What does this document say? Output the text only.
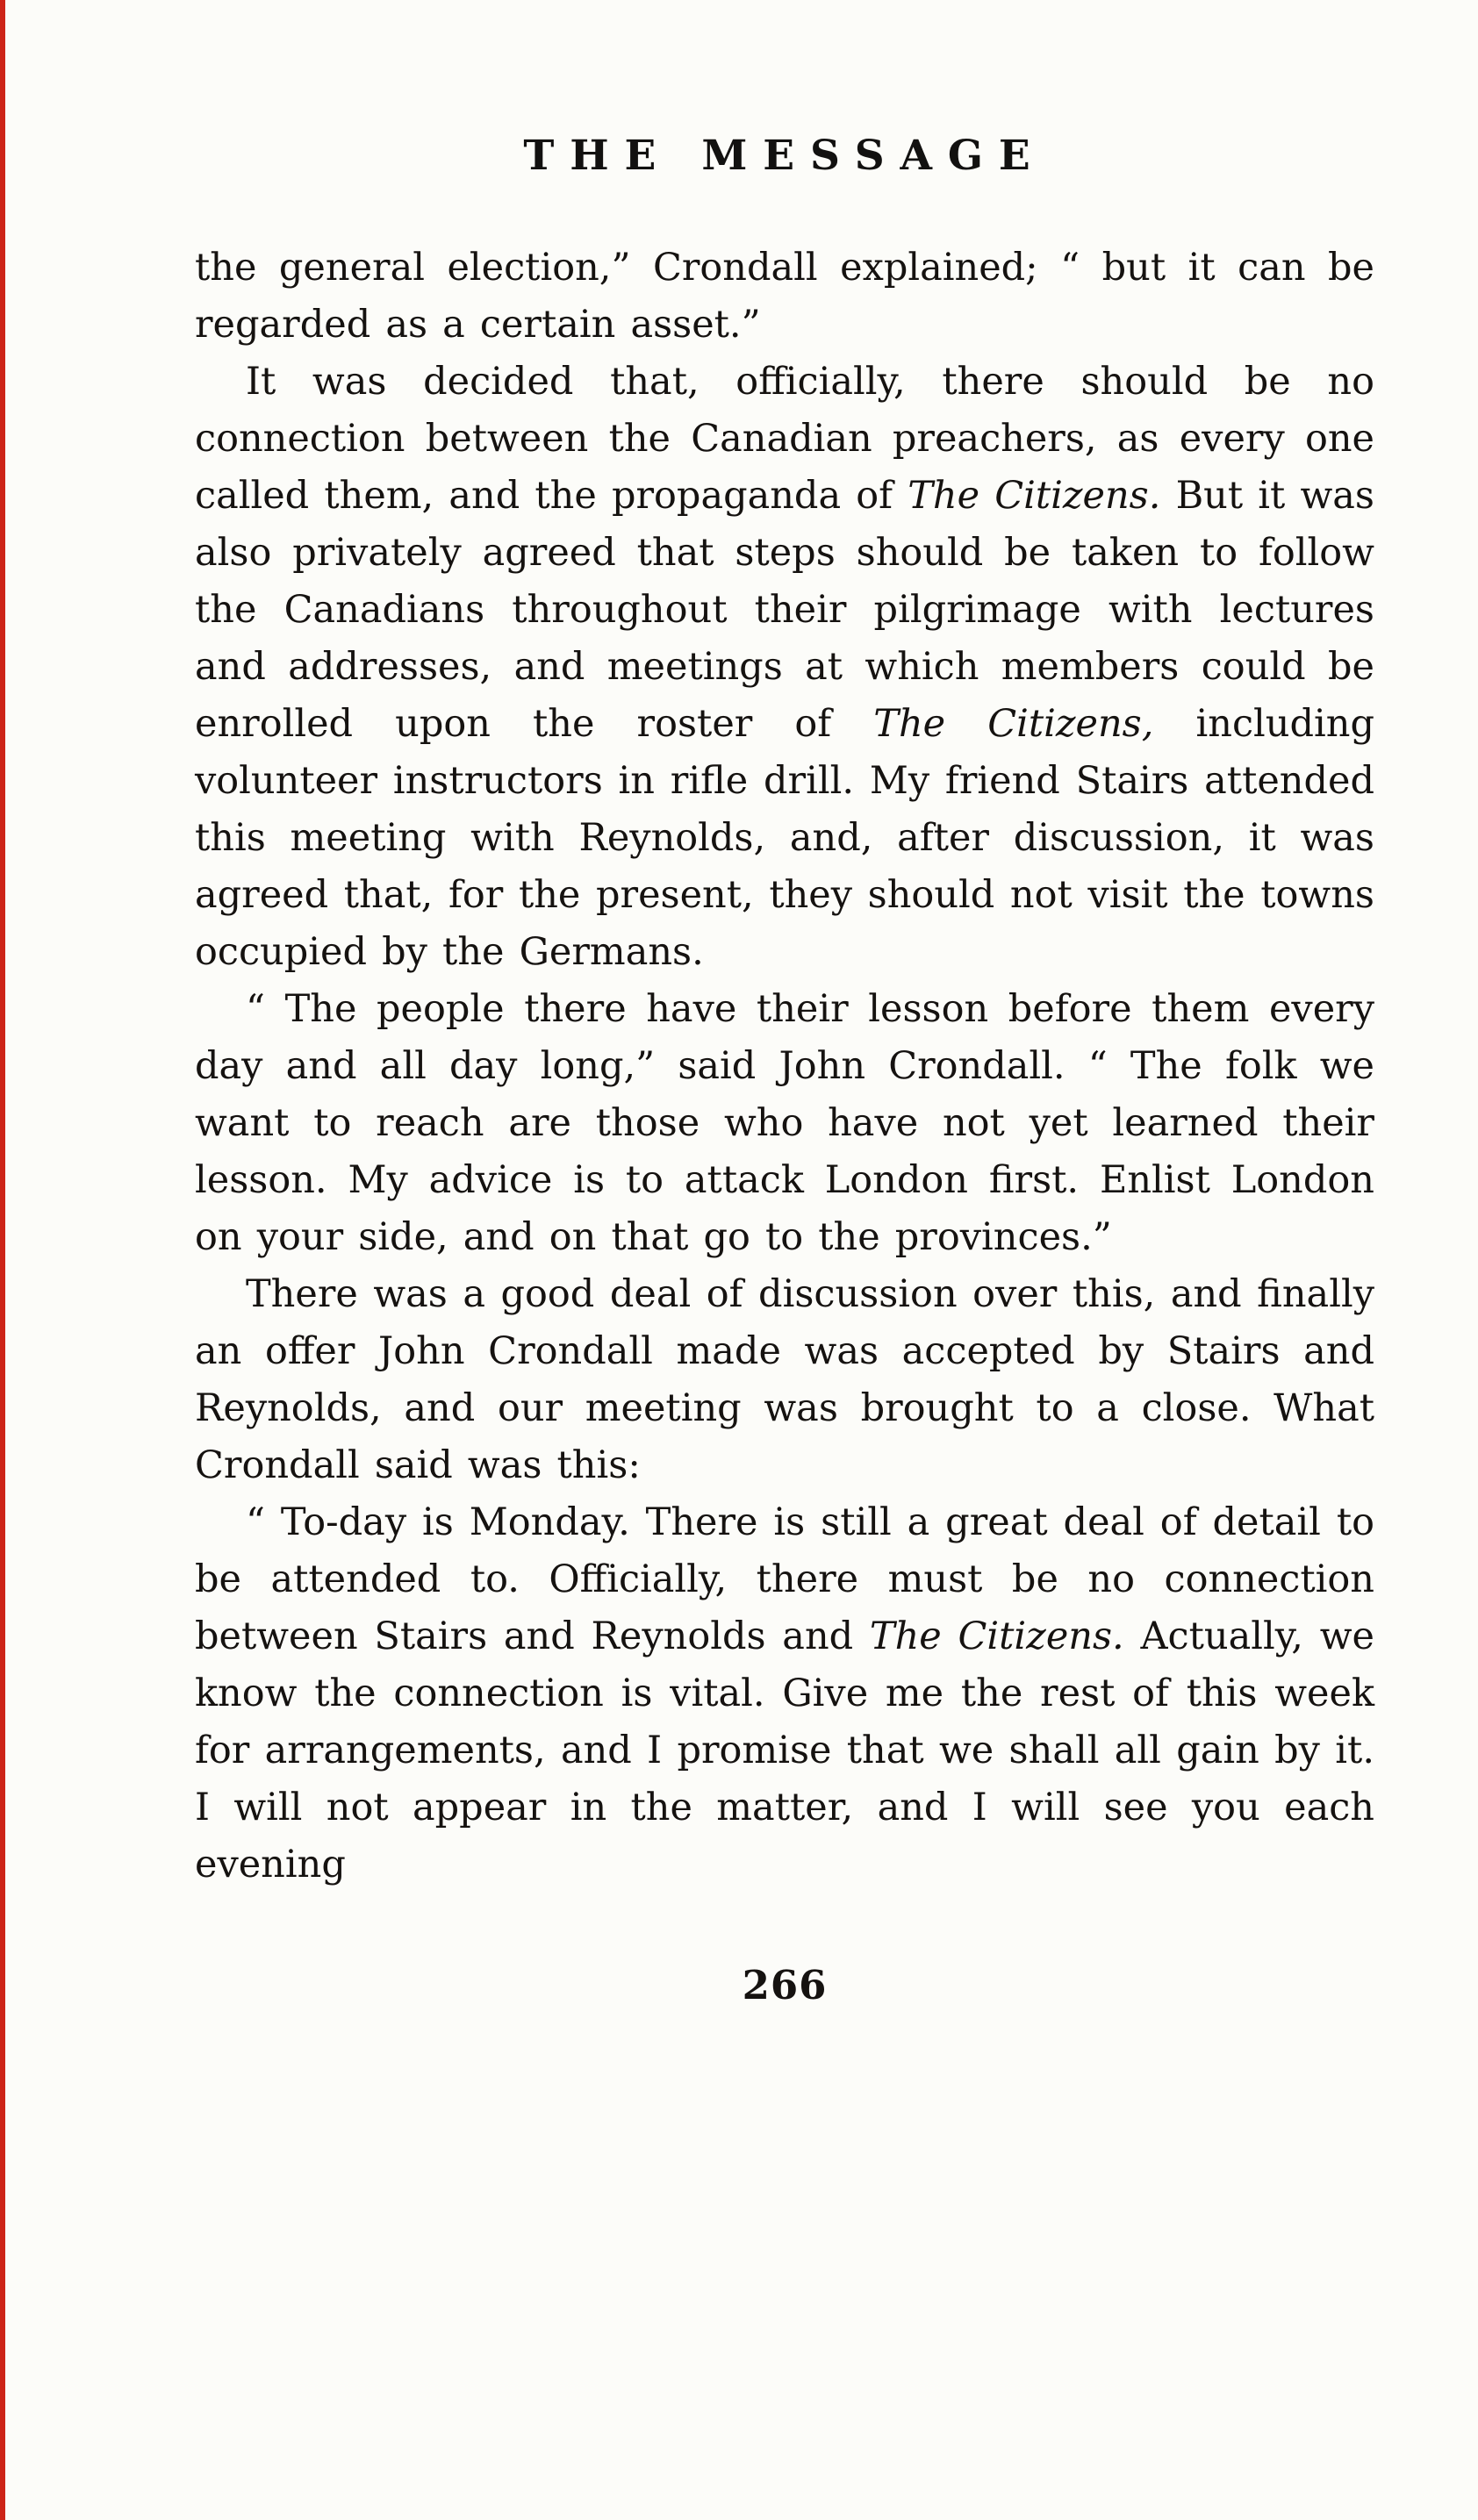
THE MESSAGE

the general election,” Crondall explained; “ but it can be regarded as a certain asset.”

It was decided that, officially, there should be no connection between the Canadian preachers, as every one called them, and the propaganda of The Citizens. But it was also privately agreed that steps should be taken to follow the Canadians throughout their pilgrimage with lectures and addresses, and meetings at which members could be enrolled upon the roster of The Citizens, including volunteer instructors in rifle drill. My friend Stairs attended this meeting with Reynolds, and, after discussion, it was agreed that, for the present, they should not visit the towns occupied by the Germans.

“ The people there have their lesson before them every day and all day long,” said John Crondall. “ The folk we want to reach are those who have not yet learned their lesson. My advice is to attack London first. Enlist London on your side, and on that go to the provinces.”

There was a good deal of discussion over this, and finally an offer John Crondall made was accepted by Stairs and Reynolds, and our meeting was brought to a close. What Crondall said was this:

“ To-day is Monday. There is still a great deal of detail to be attended to. Officially, there must be no connection between Stairs and Reynolds and The Citizens. Actually, we know the connection is vital. Give me the rest of this week for arrangements, and I promise that we shall all gain by it. I will not appear in the matter, and I will see you each evening

266
